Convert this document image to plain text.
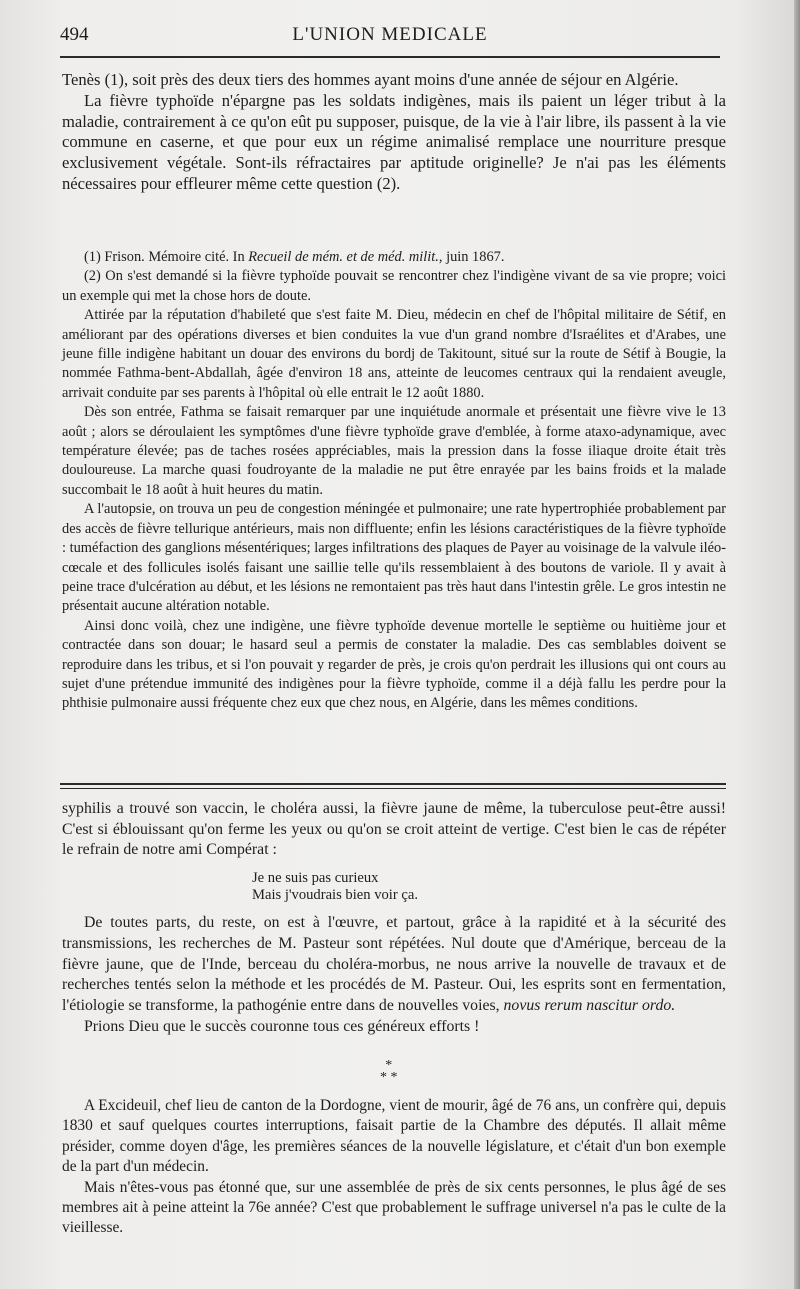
494	L'UNION MEDICALE

Tenès (1), soit près des deux tiers des hommes ayant moins d'une année de séjour en Algérie.

La fièvre typhoïde n'épargne pas les soldats indigènes, mais ils paient un léger tribut à la maladie, contrairement à ce qu'on eût pu supposer, puisque, de la vie à l'air libre, ils passent à la vie commune en caserne, et que pour eux un régime animalisé remplace une nourriture presque exclusivement végétale. Sont-ils réfractaires par aptitude originelle? Je n'ai pas les éléments nécessaires pour effleurer même cette question (2).

(1) Frison. Mémoire cité. In Recueil de mém. et de méd. milit., juin 1867.

(2) On s'est demandé si la fièvre typhoïde pouvait se rencontrer chez l'indigène vivant de sa vie propre; voici un exemple qui met la chose hors de doute.

Attirée par la réputation d'habileté que s'est faite M. Dieu, médecin en chef de l'hôpital militaire de Sétif, en améliorant par des opérations diverses et bien conduites la vue d'un grand nombre d'Israélites et d'Arabes, une jeune fille indigène habitant un douar des environs du bordj de Takitount, situé sur la route de Sétif à Bougie, la nommée Fathma-bent-Abdallah, âgée d'environ 18 ans, atteinte de leucomes centraux qui la rendaient aveugle, arrivait conduite par ses parents à l'hôpital où elle entrait le 12 août 1880.

Dès son entrée, Fathma se faisait remarquer par une inquiétude anormale et présentait une fièvre vive le 13 août ; alors se déroulaient les symptômes d'une fièvre typhoïde grave d'emblée, à forme ataxo-adynamique, avec température élevée; pas de taches rosées appréciables, mais la pression dans la fosse iliaque droite était très douloureuse. La marche quasi foudroyante de la maladie ne put être enrayée par les bains froids et la malade succombait le 18 août à huit heures du matin.

A l'autopsie, on trouva un peu de congestion méningée et pulmonaire; une rate hypertrophiée probablement par des accès de fièvre tellurique antérieurs, mais non diffluente; enfin les lésions caractéristiques de la fièvre typhoïde : tuméfaction des ganglions mésentériques; larges infiltrations des plaques de Payer au voisinage de la valvule iléo-cœcale et des follicules isolés faisant une saillie telle qu'ils ressemblaient à des boutons de variole. Il y avait à peine trace d'ulcération au début, et les lésions ne remontaient pas très haut dans l'intestin grêle. Le gros intestin ne présentait aucune altération notable.

Ainsi donc voilà, chez une indigène, une fièvre typhoïde devenue mortelle le septième ou huitième jour et contractée dans son douar; le hasard seul a permis de constater la maladie. Des cas semblables doivent se reproduire dans les tribus, et si l'on pouvait y regarder de près, je crois qu'on perdrait les illusions qui ont cours au sujet d'une prétendue immunité des indigènes pour la fièvre typhoïde, comme il a déjà fallu les perdre pour la phthisie pulmonaire aussi fréquente chez eux que chez nous, en Algérie, dans les mêmes conditions.

syphilis a trouvé son vaccin, le choléra aussi, la fièvre jaune de même, la tuberculose peut-être aussi! C'est si éblouissant qu'on ferme les yeux ou qu'on se croit atteint de vertige. C'est bien le cas de répéter le refrain de notre ami Compérat :

Je ne suis pas curieux
Mais j'voudrais bien voir ça.

De toutes parts, du reste, on est à l'œuvre, et partout, grâce à la rapidité et à la sécurité des transmissions, les recherches de M. Pasteur sont répétées. Nul doute que d'Amérique, berceau de la fièvre jaune, que de l'Inde, berceau du choléra-morbus, ne nous arrive la nouvelle de travaux et de recherches tentés selon la méthode et les procédés de M. Pasteur. Oui, les esprits sont en fermentation, l'étiologie se transforme, la pathogénie entre dans de nouvelles voies, novus rerum nascitur ordo.

Prions Dieu que le succès couronne tous ces généreux efforts !

*
* *

A Excideuil, chef lieu de canton de la Dordogne, vient de mourir, âgé de 76 ans, un confrère qui, depuis 1830 et sauf quelques courtes interruptions, faisait partie de la Chambre des députés. Il allait même présider, comme doyen d'âge, les premières séances de la nouvelle législature, et c'était d'un bon exemple de la part d'un médecin.

Mais n'êtes-vous pas étonné que, sur une assemblée de près de six cents personnes, le plus âgé de ses membres ait à peine atteint la 76e année? C'est que probablement le suffrage universel n'a pas le culte de la vieillesse.
